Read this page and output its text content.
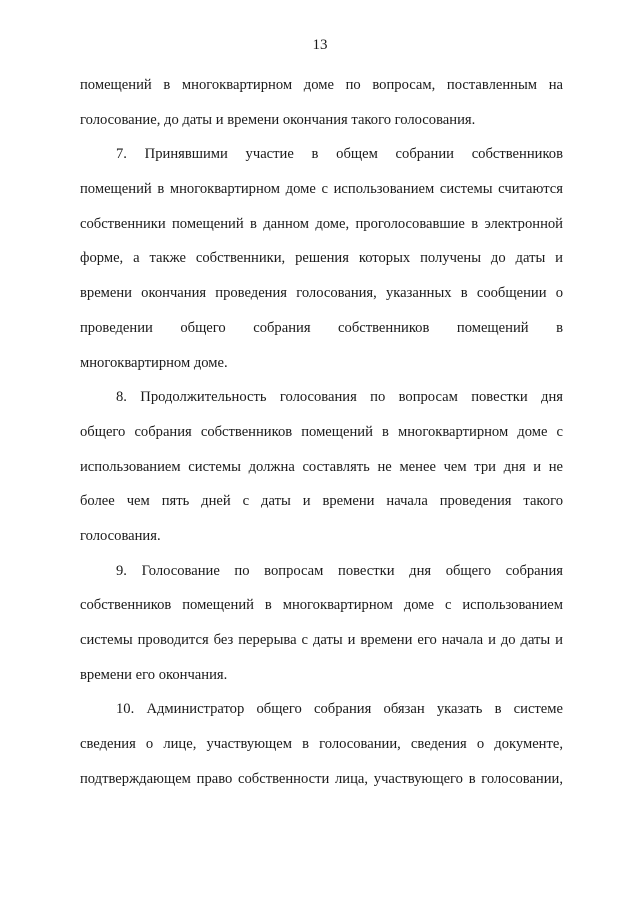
13
помещений в многоквартирном доме по вопросам, поставленным на
голосование, до даты и времени окончания такого голосования.
7. Принявшими участие в общем собрании собственников
помещений в многоквартирном доме с использованием системы считаются
собственники помещений в данном доме, проголосовавшие в электронной
форме, а также собственники, решения которых получены до даты и
времени окончания проведения голосования, указанных в сообщении о
проведении общего собрания собственников помещений в
многоквартирном доме.
8. Продолжительность голосования по вопросам повестки дня
общего собрания собственников помещений в многоквартирном доме с
использованием системы должна составлять не менее чем три дня и не
более чем пять дней с даты и времени начала проведения такого
голосования.
9. Голосование по вопросам повестки дня общего собрания
собственников помещений в многоквартирном доме с использованием
системы проводится без перерыва с даты и времени его начала и до даты и
времени его окончания.
10. Администратор общего собрания обязан указать в системе
сведения о лице, участвующем в голосовании, сведения о документе,
подтверждающем право собственности лица, участвующего в голосовании,
